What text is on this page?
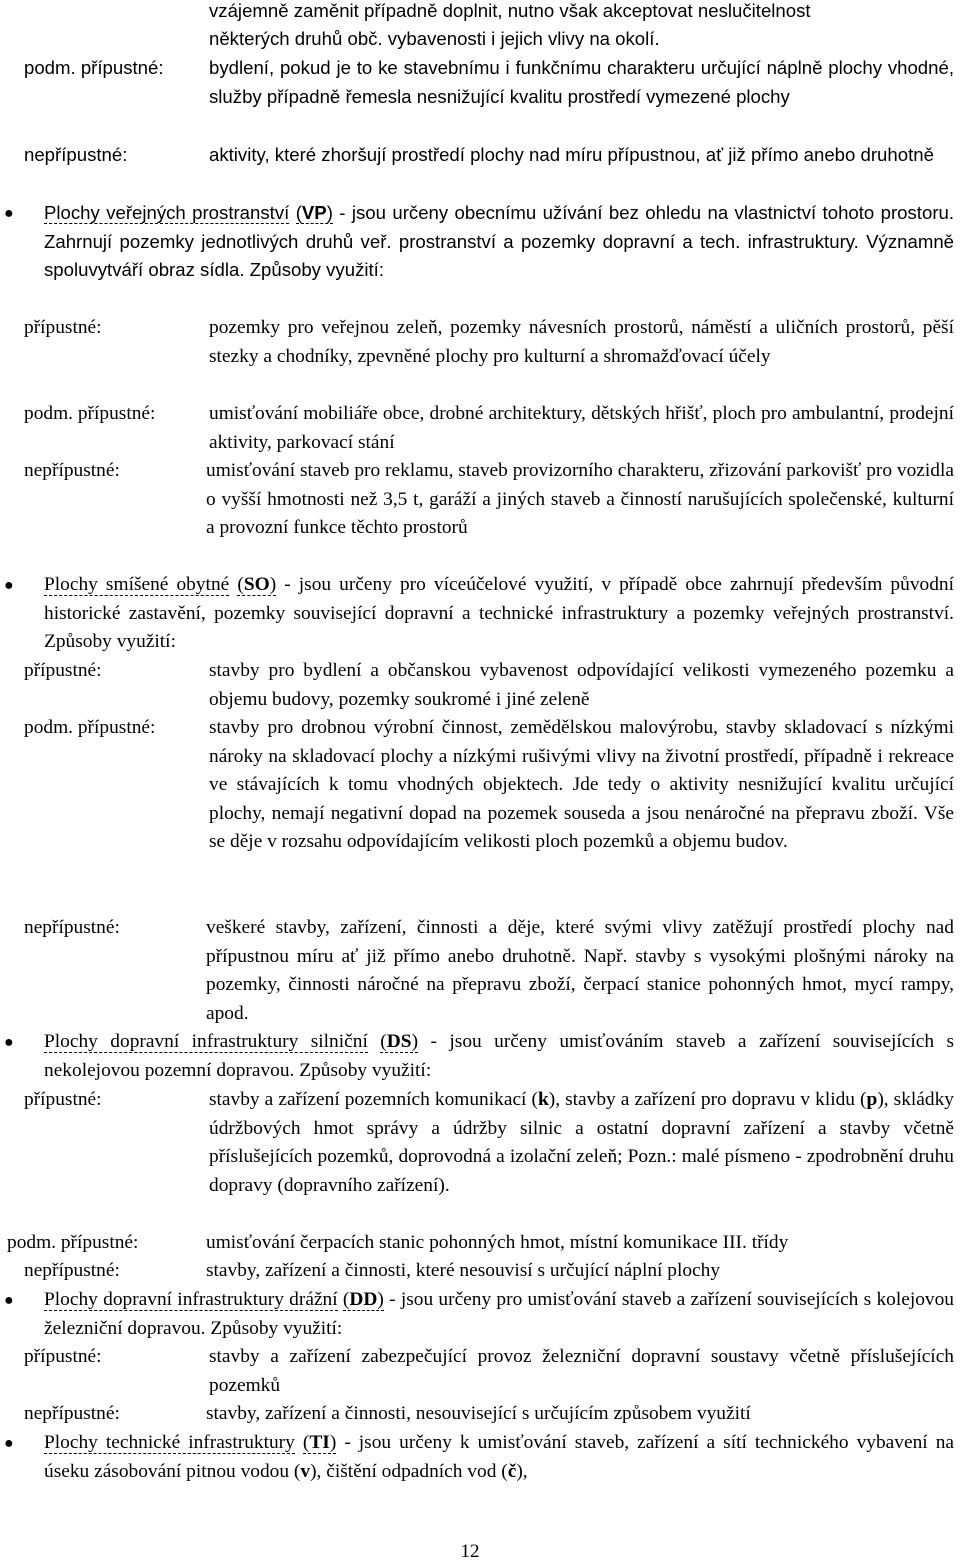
vzájemně zaměnit případně doplnit, nutno však akceptovat neslučitelnost
některých druhů obč. vybavenosti i jejich vlivy na okolí.
podm. přípustné: bydlení, pokud je to ke stavebnímu i funkčnímu charakteru určující náplně plochy vhodné, služby případně řemesla nesnižující kvalitu prostředí vymezené plochy
nepřípustné:	aktivity, které zhoršují prostředí plochy nad míru přípustnou, ať již přímo anebo druhotně
● Plochy veřejných prostranství (VP) - jsou určeny obecnímu užívání bez ohledu na vlastnictví tohoto prostoru. Zahrnují pozemky jednotlivých druhů veř. prostranství a pozemky dopravní a tech. infrastruktury. Významně spoluvytváří obraz sídla. Způsoby využití:
přípustné:	pozemky pro veřejnou zeleň, pozemky návesních prostorů, náměstí a uličních prostorů, pěší stezky a chodníky, zpevněné plochy pro kulturní a shromažďovací účely
podm. přípustné:	umisťování mobiliáře obce, drobné architektury, dětských hřišť, ploch pro ambulantní, prodejní aktivity, parkovací stání
nepřípustné:	umisťování staveb pro reklamu, staveb provizorního charakteru, zřizování parkovišť pro vozidla o vyšší hmotnosti než 3,5 t, garáží a jiných staveb a činností narušujících společenské, kulturní a provozní funkce těchto prostorů
● Plochy smíšené obytné (SO) - jsou určeny pro víceúčelové využití, v případě obce zahrnují především původní historické zastavění, pozemky související dopravní a technické infrastruktury a pozemky veřejných prostranství. Způsoby využití:
přípustné:	stavby pro bydlení a občanskou vybavenost odpovídající velikosti vymezeného pozemku a objemu budovy, pozemky soukromé i jiné zeleně
podm. přípustné:	stavby pro drobnou výrobní činnost, zemědělskou malovýrobu, stavby skladovací s nízkými nároky na skladovací plochy a nízkými rušivými vlivy na životní prostředí, případně i rekreace ve stávajících k tomu vhodných objektech. Jde tedy o aktivity nesnižující kvalitu určující plochy, nemají negativní dopad na pozemek souseda a jsou nenáročné na přepravu zboží. Vše se děje v rozsahu odpovídajícím velikosti ploch pozemků a objemu budov.
nepřípustné:	veškeré stavby, zařízení, činnosti a děje, které svými vlivy zatěžují prostředí plochy nad přípustnou míru ať již přímo anebo druhotně. Např. stavby s vysokými plošnými nároky na pozemky, činnosti náročné na přepravu zboží, čerpací stanice pohonných hmot, mycí rampy, apod.
● Plochy dopravní infrastruktury silniční (DS) - jsou určeny umisťováním staveb a zařízení souvisejících s nekolejovou pozemní dopravou. Způsoby využití:
přípustné:	stavby a zařízení pozemních komunikací (k), stavby a zařízení pro dopravu v klidu (p), skládky údržbových hmot správy a údržby silnic a ostatní dopravní zařízení a stavby včetně příslušejících pozemků, doprovodná a izolační zeleň; Pozn.: malé písmeno - zpodrobnění druhu dopravy (dopravního zařízení).
podm. přípustné:	umisťování čerpacích stanic pohonných hmot, místní komunikace III. třídy
nepřípustné:	stavby, zařízení a činnosti, které nesouvisí s určující náplní plochy
● Plochy dopravní infrastruktury drážní (DD) - jsou určeny pro umisťování staveb a zařízení souvisejících s kolejovou železniční dopravou. Způsoby využití:
přípustné:	stavby a zařízení zabezpečující provoz železniční dopravní soustavy včetně příslušejících pozemků
nepřípustné:	stavby, zařízení a činnosti, nesouvisející s určujícím způsobem využití
● Plochy technické infrastruktury (TI) - jsou určeny k umisťování staveb, zařízení a sítí technického vybavení na úseku zásobování pitnou vodou (v), čištění odpadních vod (č),
12
